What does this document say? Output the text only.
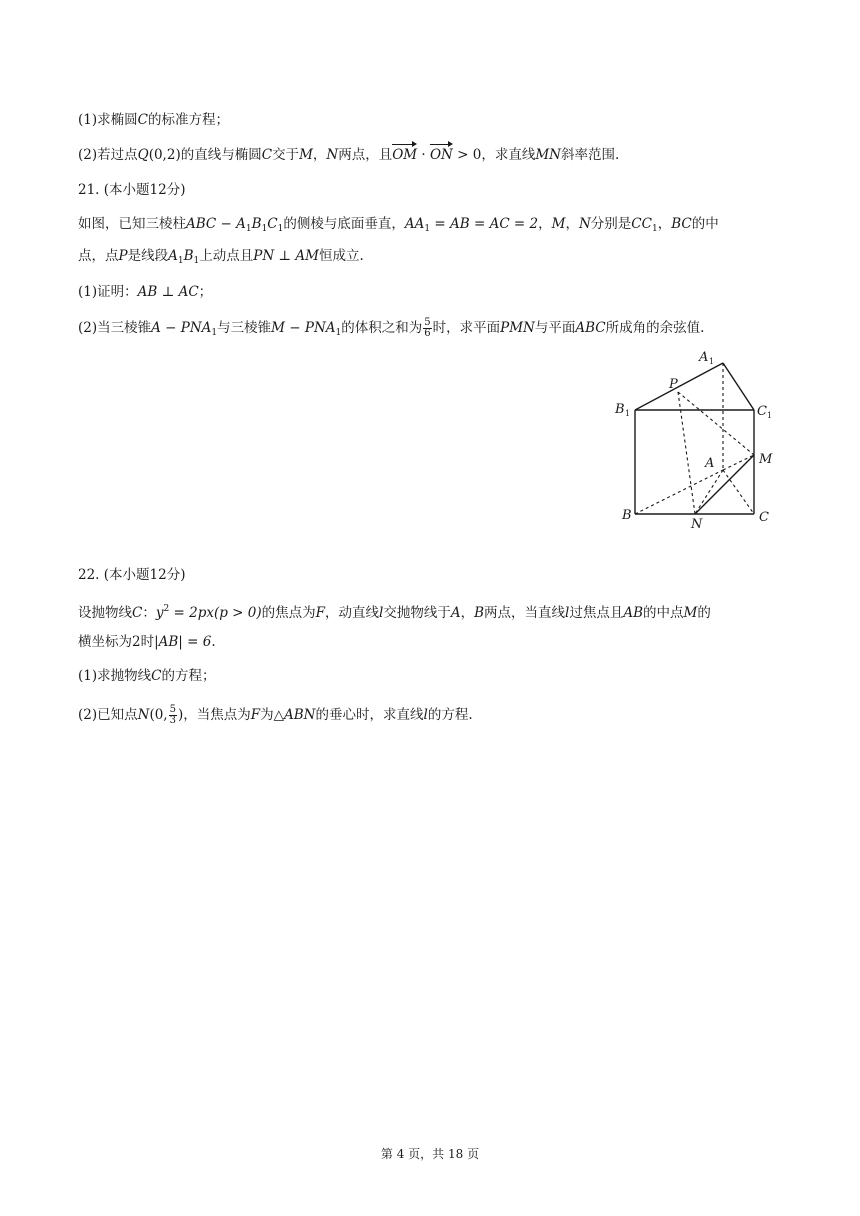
(1)求椭圆C的标准方程；
(2)若过点Q(0,2)的直线与椭圆C交于M，N两点，且OM · ON > 0，求直线MN斜率范围.
21. (本小题12分)
如图，已知三棱柱ABC − $A_1B_1C_1$的侧棱与底面垂直，$AA_1$ = AB = AC = 2，M，N分别是$CC_1$，BC的中
点，点P是线段$A_1B_1$上动点且PN ⊥ AM恒成立.
(1)证明：AB ⊥ AC；
(2)当三棱锥$A - PNA_1$与三棱锥$M - PNA_1$的体积之和为 $\frac{5}{6}$ 时，求平面PMN与平面ABC所成角的余弦值.
A 1
P
B 1	C 1
A	M
B
N	C
22. (本小题12分)
设抛物线C：$y^2 = 2px(p > 0)$的焦点为F，动直线l交抛物线于A，B两点，当直线l过焦点且AB的中点M的
横坐标为2时|AB| = 6.
(1)求抛物线C的方程；
(2)已知点N(0, $\frac{5}{3}$ )，当焦点为F为△ABN的垂心时，求直线l的方程.
第 4 页，共 18 页
